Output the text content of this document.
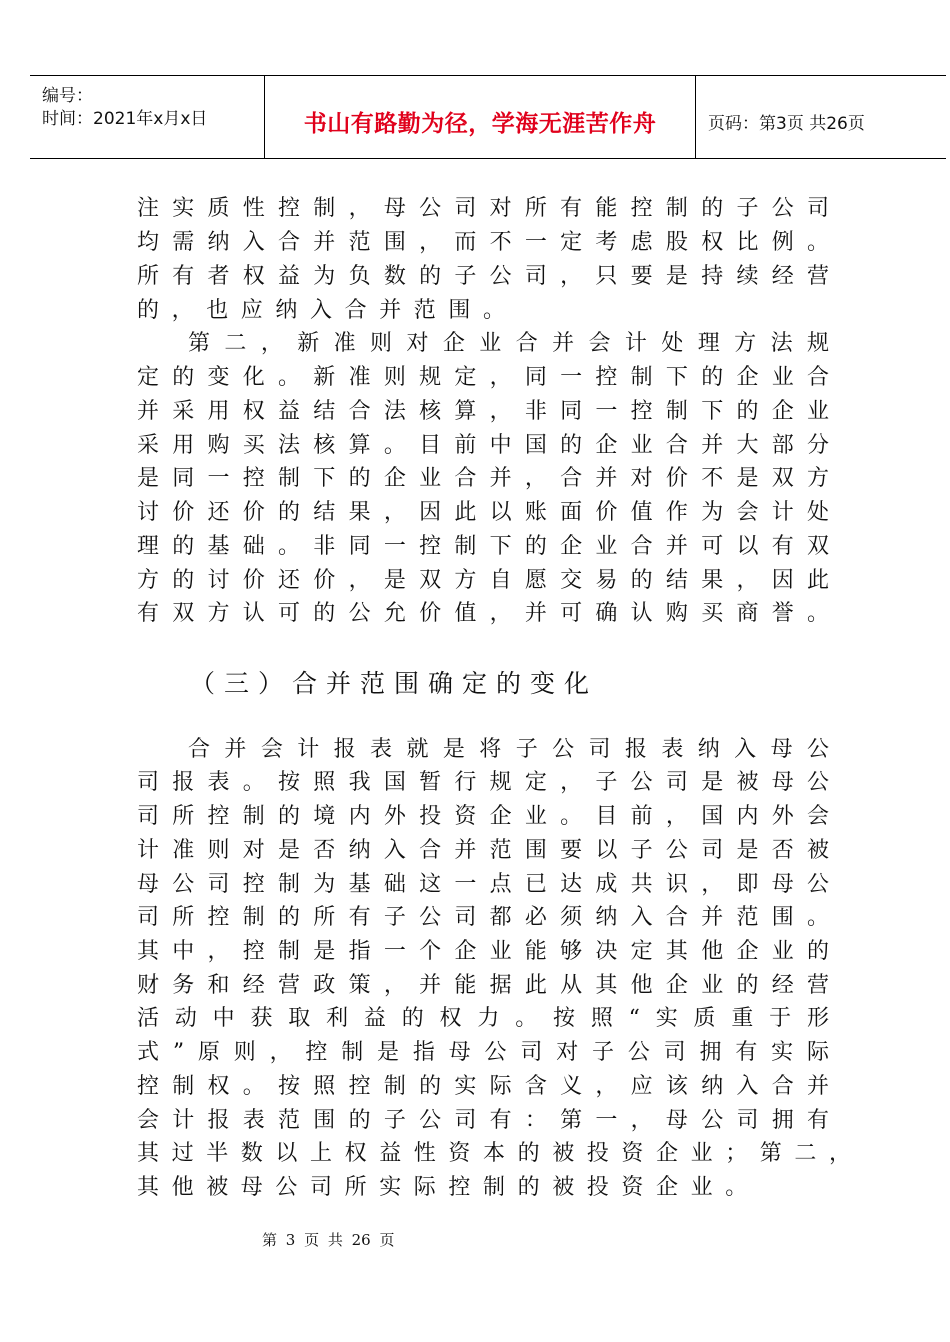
编号：
时间：2021年x月x日	书山有路勤为径，学海无涯苦作舟	页码：第3页 共26页
注实质性控制，母公司对所有能控制的子公司
均需纳入合并范围，而不一定考虑股权比例。
所有者权益为负数的子公司，只要是持续经营
的，也应纳入合并范围。
第二，新准则对企业合并会计处理方法规
定的变化。新准则规定，同一控制下的企业合
并采用权益结合法核算，非同一控制下的企业
采用购买法核算。目前中国的企业合并大部分
是同一控制下的企业合并，合并对价不是双方
讨价还价的结果，因此以账面价值作为会计处
理的基础。非同一控制下的企业合并可以有双
方的讨价还价，是双方自愿交易的结果，因此
有双方认可的公允价值，并可确认购买商誉。
（三）合并范围确定的变化
合并会计报表就是将子公司报表纳入母公
司报表。按照我国暂行规定，子公司是被母公
司所控制的境内外投资企业。目前，国内外会
计准则对是否纳入合并范围要以子公司是否被
母公司控制为基础这一点已达成共识，即母公
司所控制的所有子公司都必须纳入合并范围。
其中，控制是指一个企业能够决定其他企业的
财务和经营政策，并能据此从其他企业的经营
活动中获取利益的权力。按照“实质重于形
式”原则，控制是指母公司对子公司拥有实际
控制权。按照控制的实际含义，应该纳入合并
会计报表范围的子公司有：第一，母公司拥有
其过半数以上权益性资本的被投资企业；第二，
其他被母公司所实际控制的被投资企业。
第 3 页 共 26 页
